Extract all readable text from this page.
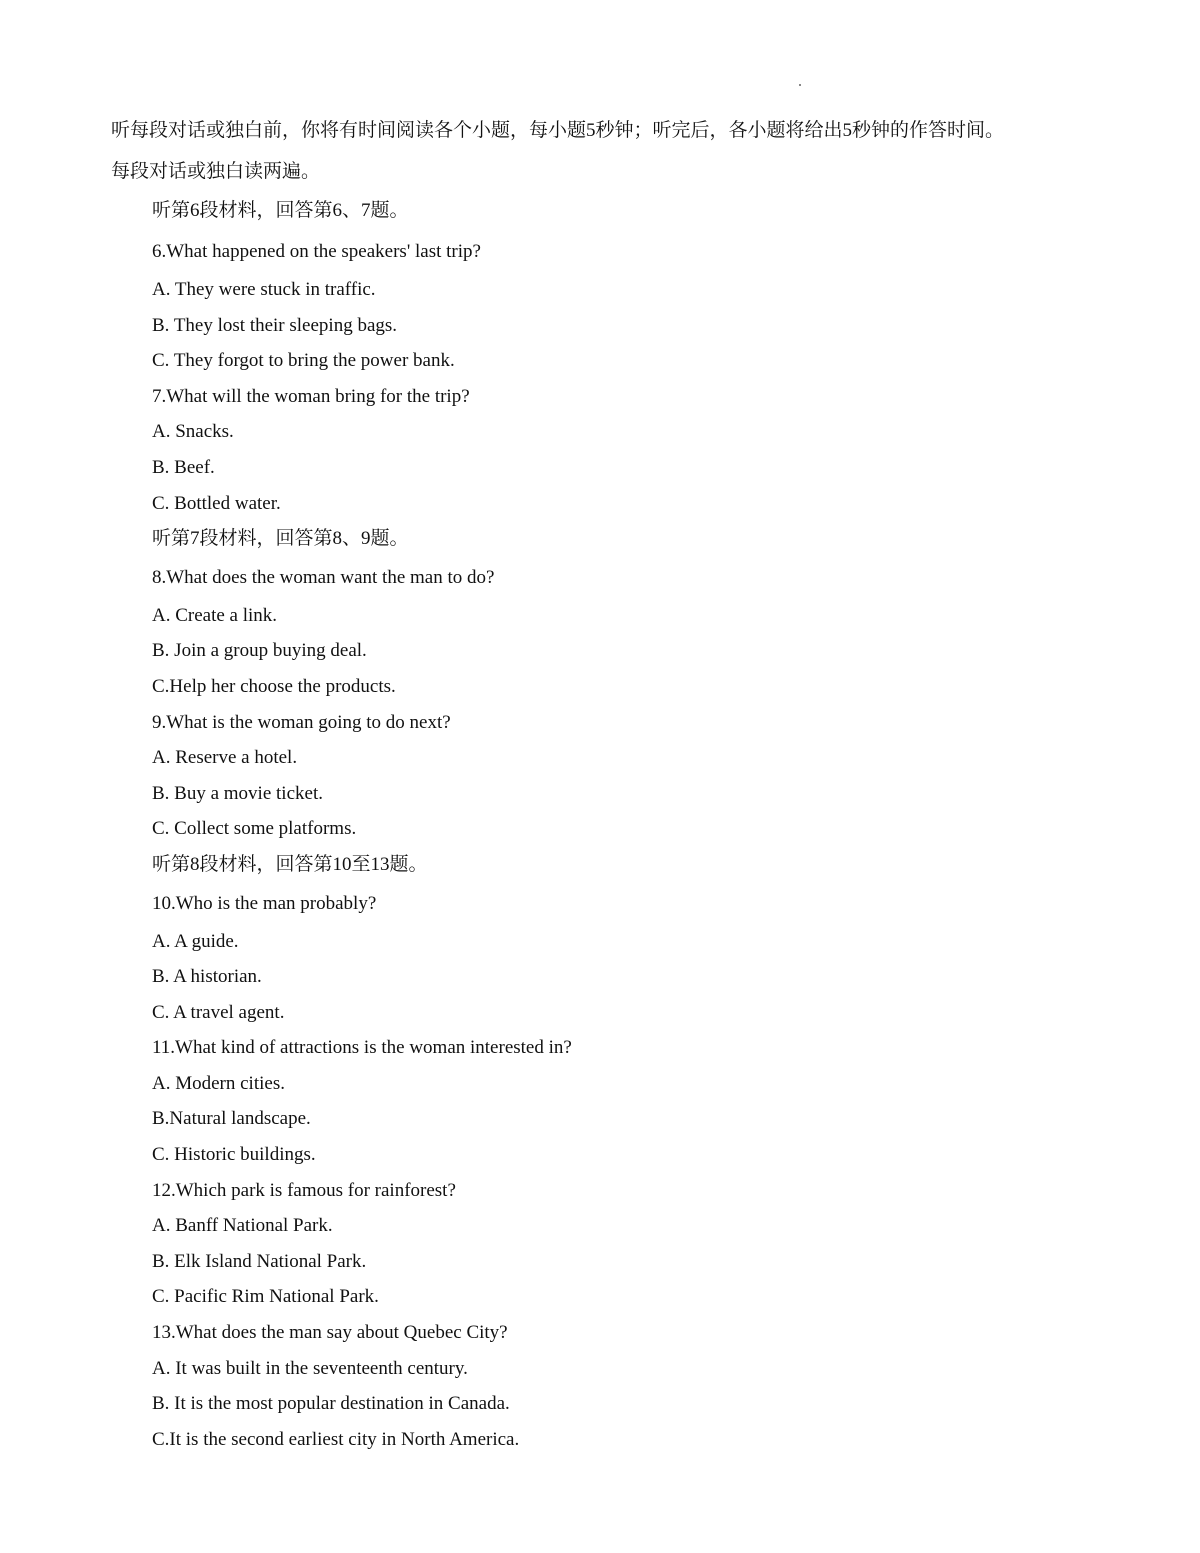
听每段对话或独白前，你将有时间阅读各个小题，每小题5秒钟；听完后，各小题将给出5秒钟的作答时间。
每段对话或独白读两遍。

听第6段材料，回答第6、7题。

6.What happened on the speakers' last trip?

A. They were stuck in traffic.

B. They lost their sleeping bags.

C. They forgot to bring the power bank.

7.What will the woman bring for the trip?

A. Snacks.

B. Beef.

C. Bottled water.

听第7段材料，回答第8、9题。

8.What does the woman want the man to do?

A. Create a link.

B. Join a group buying deal.

C.Help her choose the products.

9.What is the woman going to do next?

A. Reserve a hotel.

B. Buy a movie ticket.

C. Collect some platforms.

听第8段材料，回答第10至13题。

10.Who is the man probably?

A. A guide.

B. A historian.

C. A travel agent.

11.What kind of attractions is the woman interested in?

A. Modern cities.

B.Natural landscape.

C. Historic buildings.

12.Which park is famous for rainforest?

A. Banff National Park.

B. Elk Island National Park.

C. Pacific Rim National Park.

13.What does the man say about Quebec City?

A. It was built in the seventeenth century.

B. It is the most popular destination in Canada.

C.It is the second earliest city in North America.
